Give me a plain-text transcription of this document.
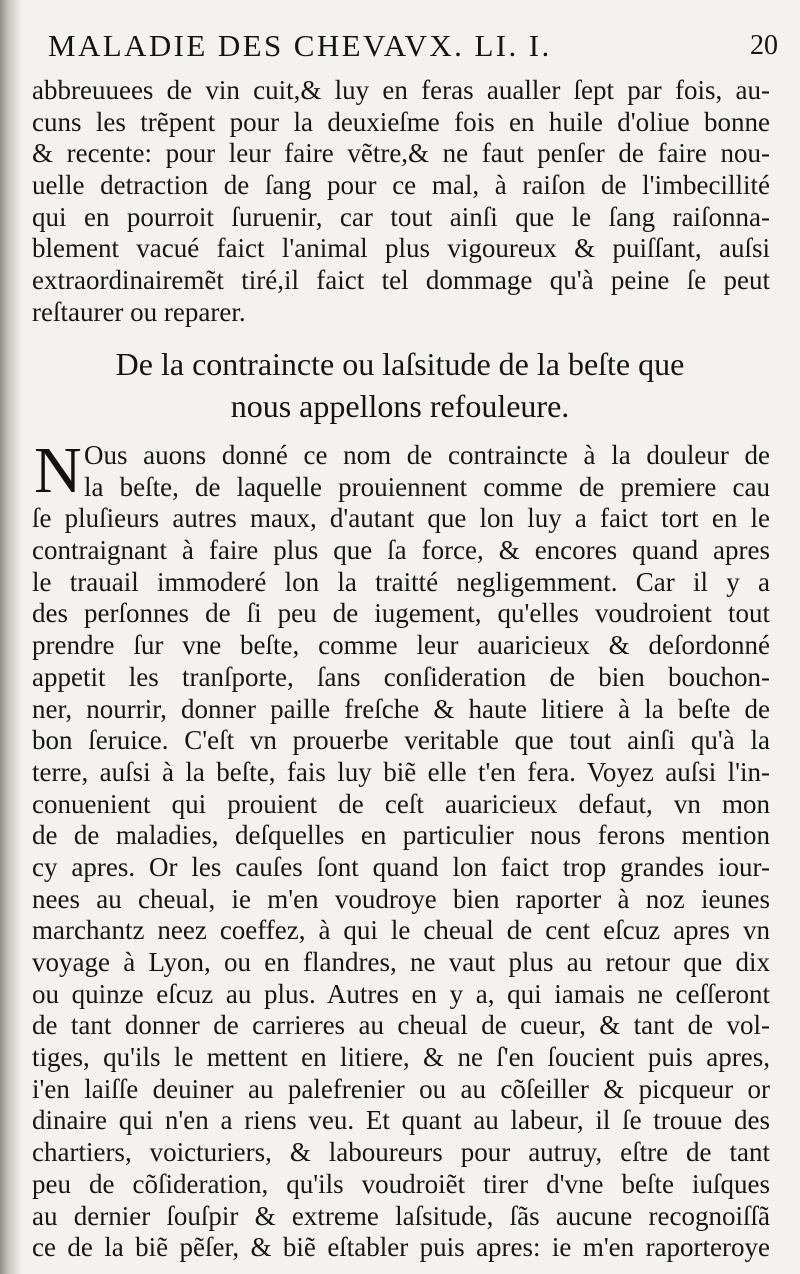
MALADIE DES CHEVAVX. LI. I.	20
abbreuuees de vin cuit,& luy en feras aualler ſept par fois, au-
cuns les trẽpent pour la deuxieſme fois en huile d'oliue bonne
& recente: pour leur faire vẽtre,& ne faut penſer de faire nou-
uelle detraction de ſang pour ce mal, à raiſon de l'imbecillité
qui en pourroit ſuruenir, car tout ainſi que le ſang raiſonna-
blement vacué faict l'animal plus vigoureux & puiſſant, auſsi
extraordinairemẽt tiré,il faict tel dommage qu'à peine ſe peut
reſtaurer ou reparer.
De la contraincte ou laſsitude de la beſte que
nous appellons refouleure.
N Ous auons donné ce nom de contraincte à la douleur de
la beſte, de laquelle prouiennent comme de premiere cau
ſe pluſieurs autres maux, d'autant que lon luy a faict tort en le
contraignant à faire plus que ſa force, & encores quand apres
le trauail immoderé lon la traitté negligemment. Car il y a
des perſonnes de ſi peu de iugement, qu'elles voudroient tout
prendre ſur vne beſte, comme leur auaricieux & deſordonné
appetit les tranſporte, ſans conſideration de bien bouchon-
ner, nourrir, donner paille freſche & haute litiere à la beſte de
bon ſeruice. C'eſt vn prouerbe veritable que tout ainſi qu'à la
terre, auſsi à la beſte, fais luy biẽ elle t'en fera. Voyez auſsi l'in-
conuenient qui prouient de ceſt auaricieux defaut, vn mon
de de maladies, deſquelles en particulier nous ferons mention
cy apres. Or les cauſes ſont quand lon faict trop grandes iour-
nees au cheual, ie m'en voudroye bien raporter à noz ieunes
marchantz neez coeffez, à qui le cheual de cent eſcuz apres vn
voyage à Lyon, ou en flandres, ne vaut plus au retour que dix
ou quinze eſcuz au plus. Autres en y a, qui iamais ne ceſſeront
de tant donner de carrieres au cheual de cueur, & tant de vol-
tiges, qu'ils le mettent en litiere, & ne ſ'en ſoucient puis apres,
i'en laiſſe deuiner au palefrenier ou au cõſeiller & picqueur or
dinaire qui n'en a riens veu. Et quant au labeur, il ſe trouue des
chartiers, voicturiers, & laboureurs pour autruy, eſtre de tant
peu de cõſideration, qu'ils voudroiẽt tirer d'vne beſte iuſques
au dernier ſouſpir & extreme laſsitude, ſãs aucune recognoiſſã
ce de la biẽ pẽſer, & biẽ eſtabler puis apres: ie m'en raporteroye
